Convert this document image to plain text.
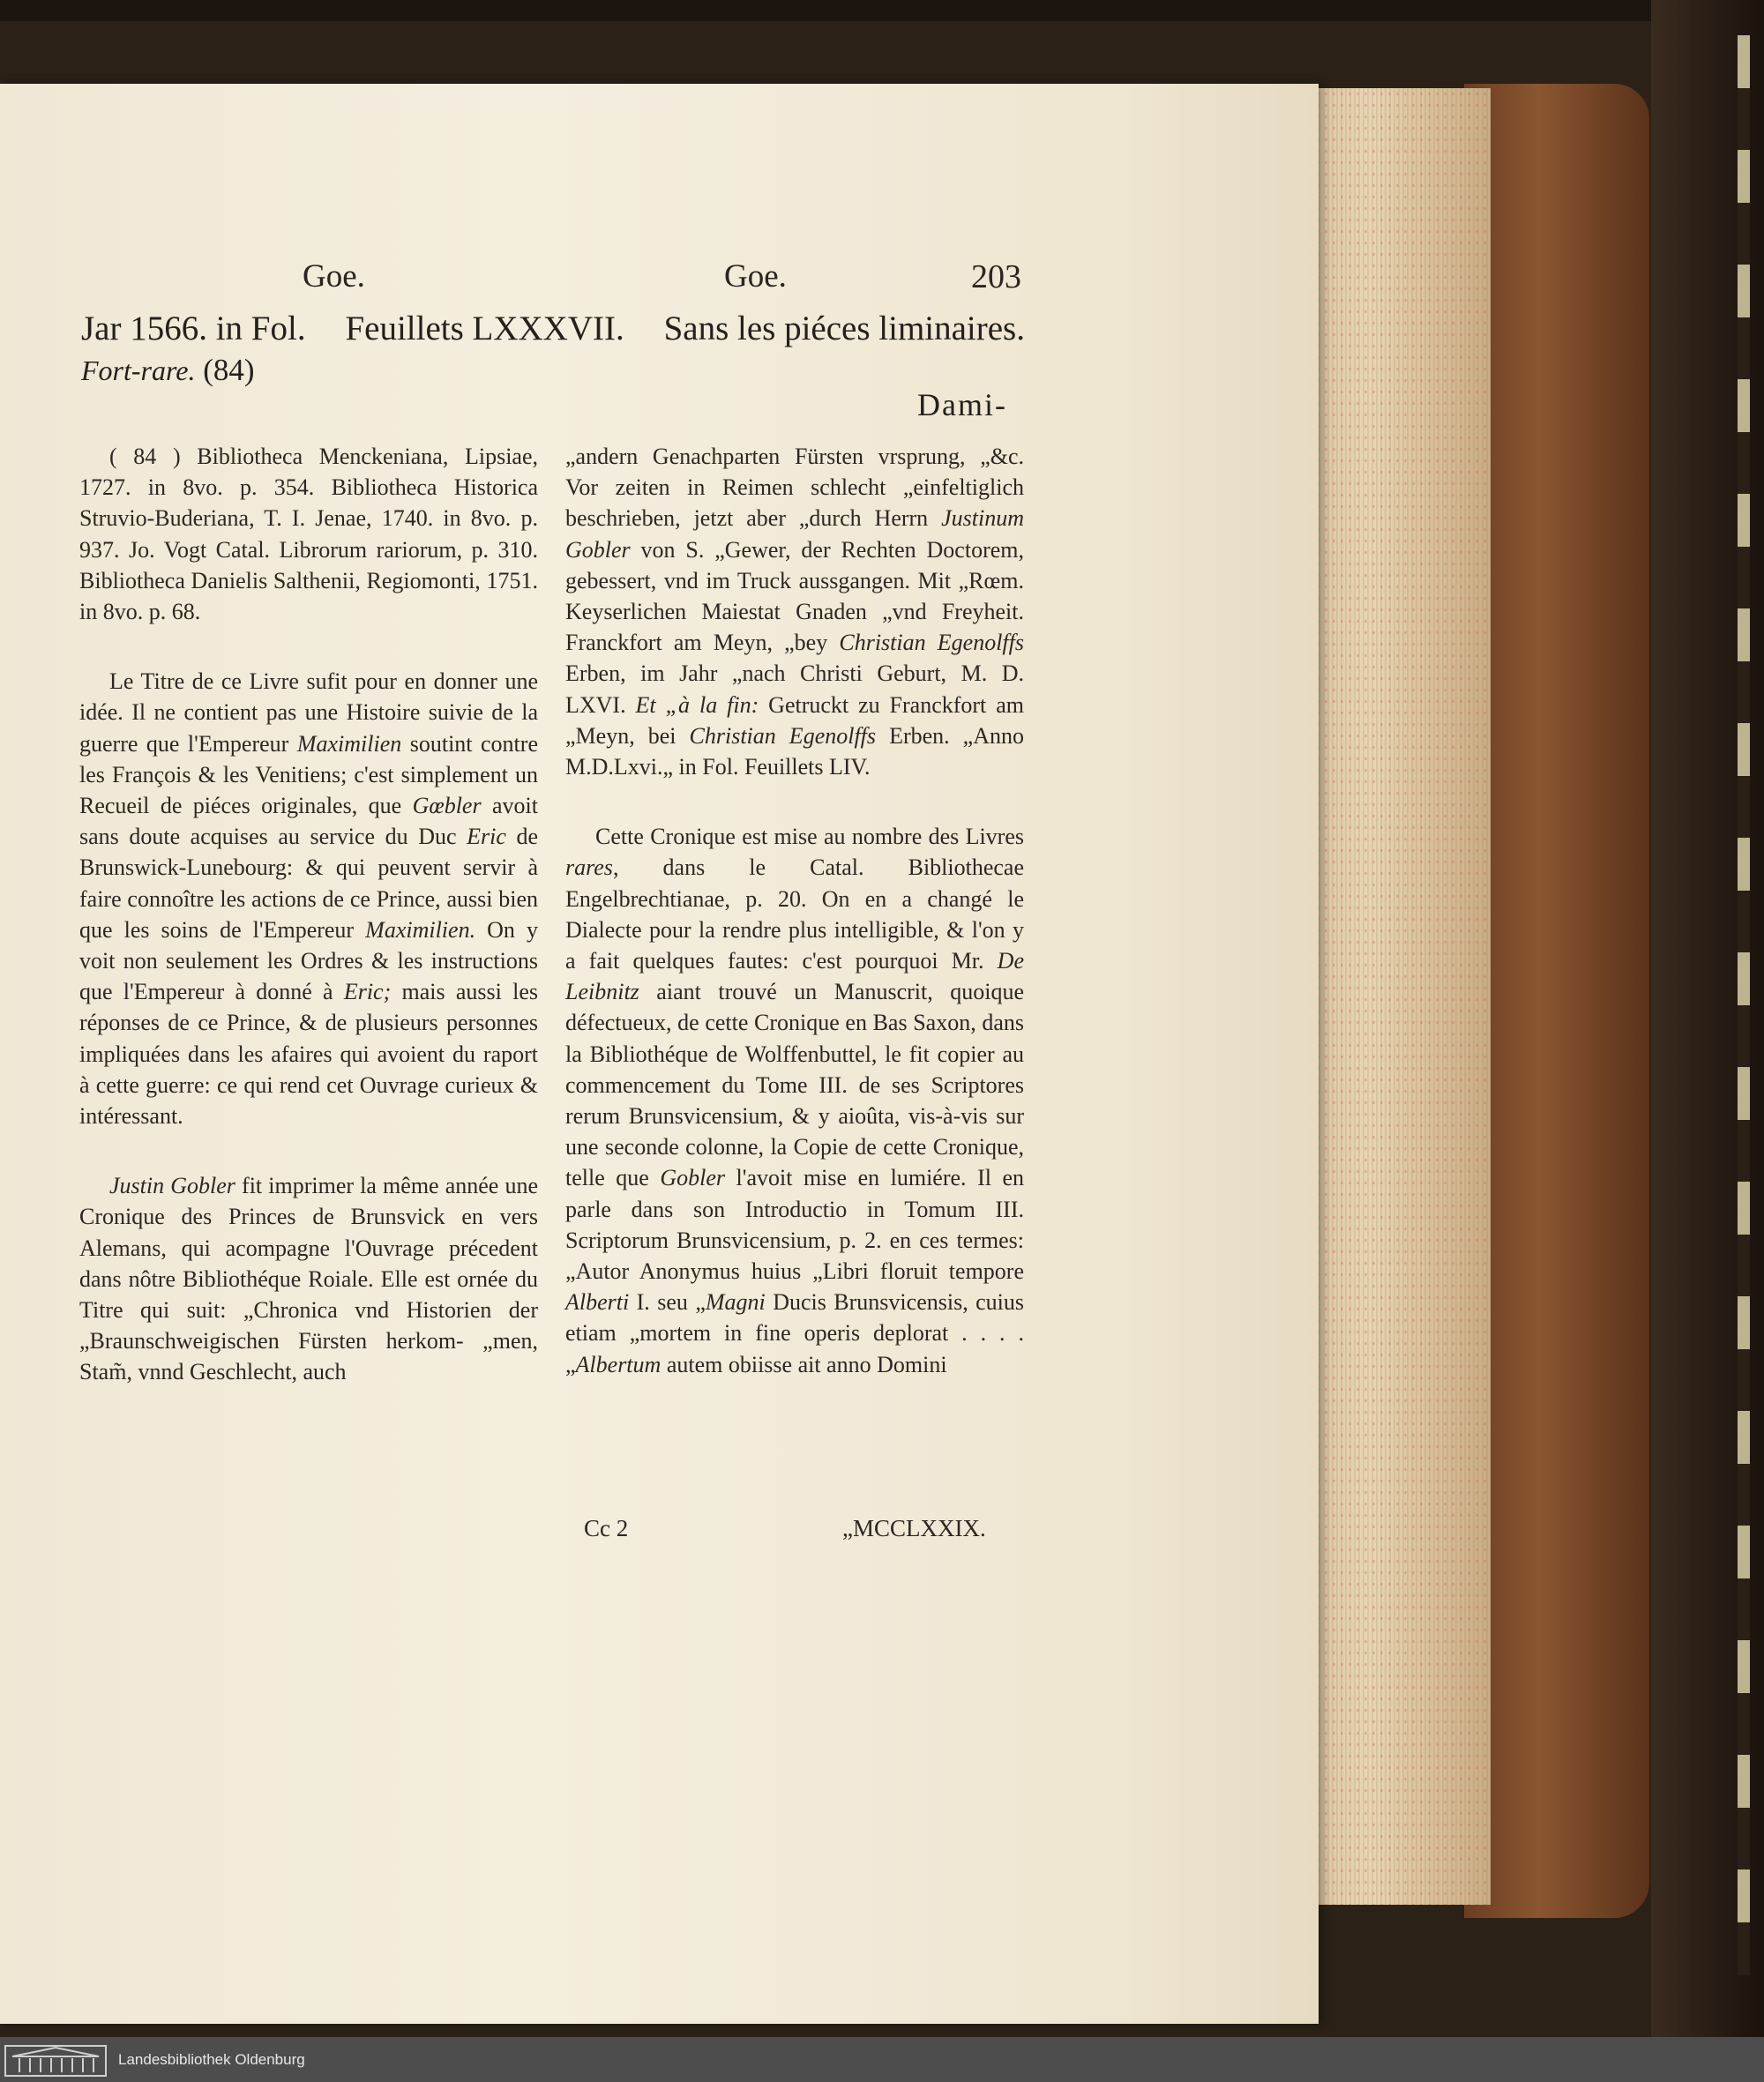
Goe.	Goe.	203
Jar 1566. in Fol. Feuillets LXXXVII. Sans les piéces liminaires.
Fort-rare. (84)
Dami-

( 84 ) Bibliotheca Menckeniana, Lipsiae, 1727. in 8vo. p. 354. Bibliotheca Historica Struvio-Buderiana, T. I. Jenae, 1740. in 8vo. p. 937. Jo. Vogt Catal. Librorum rariorum, p. 310. Bibliotheca Danielis Salthenii, Regiomonti, 1751. in 8vo. p. 68.

Le Titre de ce Livre sufit pour en donner une idée. Il ne contient pas une Histoire suivie de la guerre que l'Empereur Maximilien soutint contre les François & les Venitiens; c'est simplement un Recueil de piéces originales, que Gœbler avoit sans doute acquises au service du Duc Eric de Brunswick-Lunebourg: & qui peuvent servir à faire connoître les actions de ce Prince, aussi bien que les soins de l'Empereur Maximilien. On y voit non seulement les Ordres & les instructions que l'Empereur à donné à Eric; mais aussi les réponses de ce Prince, & de plusieurs personnes impliquées dans les afaires qui avoient du raport à cette guerre: ce qui rend cet Ouvrage curieux & intéressant.

Justin Gobler fit imprimer la même année une Cronique des Princes de Brunsvick en vers Alemans, qui acompagne l'Ouvrage précedent dans nôtre Bibliothéque Roiale. Elle est ornée du Titre qui suit: „Chronica vnd Historien der „Braunschweigischen Fürsten herkom- „men, Stam̃, vnnd Geschlecht, auch

„andern Genachparten Fürsten vrsprung, „&c. Vor zeiten in Reimen schlecht „einfeltiglich beschrieben, jetzt aber „durch Herrn Justinum Gobler von S. „Gewer, der Rechten Doctorem, gebessert, vnd im Truck aussgangen. Mit „Rœm. Keyserlichen Maiestat Gnaden „vnd Freyheit. Franckfort am Meyn, „bey Christian Egenolffs Erben, im Jahr „nach Christi Geburt, M. D. LXVI. Et „à la fin: Getruckt zu Franckfort am „Meyn, bei Christian Egenolffs Erben. „Anno M.D.Lxvi.„ in Fol. Feuillets LIV.

Cette Cronique est mise au nombre des Livres rares, dans le Catal. Bibliothecae Engelbrechtianae, p. 20. On en a changé le Dialecte pour la rendre plus intelligible, & l'on y a fait quelques fautes: c'est pourquoi Mr. De Leibnitz aiant trouvé un Manuscrit, quoique défectueux, de cette Cronique en Bas Saxon, dans la Bibliothéque de Wolffenbuttel, le fit copier au commencement du Tome III. de ses Scriptores rerum Brunsvicensium, & y aioûta, vis-à-vis sur une seconde colonne, la Copie de cette Cronique, telle que Gobler l'avoit mise en lumiére. Il en parle dans son Introductio in Tomum III. Scriptorum Brunsvicensium, p. 2. en ces termes: „Autor Anonymus huius „Libri floruit tempore Alberti I. seu „Magni Ducis Brunsvicensis, cuius etiam „mortem in fine operis deplorat . . . . „Albertum autem obiisse ait anno Domini

Cc 2	„MCCLXXIX.
Landesbibliothek Oldenburg
